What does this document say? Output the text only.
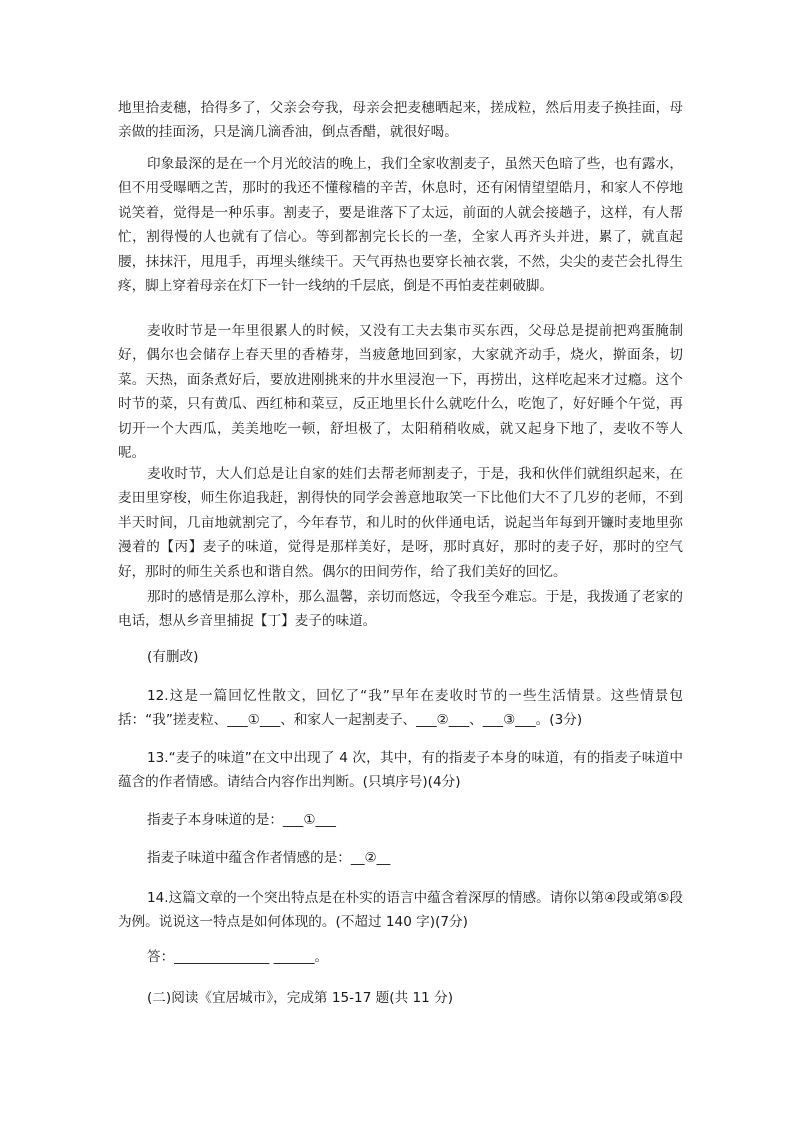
地里拾麦穗，拾得多了，父亲会夸我，母亲会把麦穗晒起来，搓成粒，然后用麦子换挂面，母亲做的挂面汤，只是滴几滴香油，倒点香醋，就很好喝。

印象最深的是在一个月光皎洁的晚上，我们全家收割麦子，虽然天色暗了些，也有露水，但不用受曝晒之苦，那时的我还不懂稼穑的辛苦，休息时，还有闲情望望皓月，和家人不停地说笑着，觉得是一种乐事。割麦子，要是谁落下了太远，前面的人就会接趟子，这样，有人帮忙，割得慢的人也就有了信心。等到都割完长长的一垄，全家人再齐头并进，累了，就直起腰，抹抹汗，甩甩手，再埋头继续干。天气再热也要穿长袖衣裳，不然，尖尖的麦芒会扎得生疼，脚上穿着母亲在灯下一针一线纳的千层底，倒是不再怕麦茬刺破脚。

麦收时节是一年里很累人的时候，又没有工夫去集市买东西，父母总是提前把鸡蛋腌制好，偶尔也会储存上春天里的香椿芽，当疲惫地回到家，大家就齐动手，烧火，擀面条，切菜。天热，面条煮好后，要放进刚挑来的井水里浸泡一下，再捞出，这样吃起来才过瘾。这个时节的菜，只有黄瓜、西红柿和菜豆，反正地里长什么就吃什么，吃饱了，好好睡个午觉，再切开一个大西瓜，美美地吃一顿，舒坦极了，太阳稍稍收威，就又起身下地了，麦收不等人呢。

麦收时节，大人们总是让自家的娃们去帮老师割麦子，于是，我和伙伴们就组织起来，在麦田里穿梭，师生你追我赶，割得快的同学会善意地取笑一下比他们大不了几岁的老师，不到半天时间，几亩地就割完了，今年春节，和儿时的伙伴通电话，说起当年每到开镰时麦地里弥漫着的【丙】麦子的味道，觉得是那样美好，是呀，那时真好，那时的麦子好，那时的空气好，那时的师生关系也和谐自然。偶尔的田间劳作，给了我们美好的回忆。

那时的感情是那么淳朴，那么温馨，亲切而悠远，令我至今难忘。于是，我拨通了老家的电话，想从乡音里捕捉【丁】麦子的味道。

(有删改)

12.这是一篇回忆性散文，回忆了“我”早年在麦收时节的一些生活情景。这些情景包括：“我”搓麦粒、___①___、和家人一起割麦子、___②___、___③___。(3分)

13.“麦子的味道”在文中出现了 4 次，其中，有的指麦子本身的味道，有的指麦子味道中蕴含的作者情感。请结合内容作出判断。(只填序号)(4分)

指麦子本身味道的是：___①___

指麦子味道中蕴含作者情感的是：__②__

14.这篇文章的一个突出特点是在朴实的语言中蕴含着深厚的情感。请你以第④段或第⑤段为例。说说这一特点是如何体现的。(不超过 140 字)(7分)

答：______________ ______。

(二)阅读《宜居城市》，完成第 15-17 题(共 11 分)
